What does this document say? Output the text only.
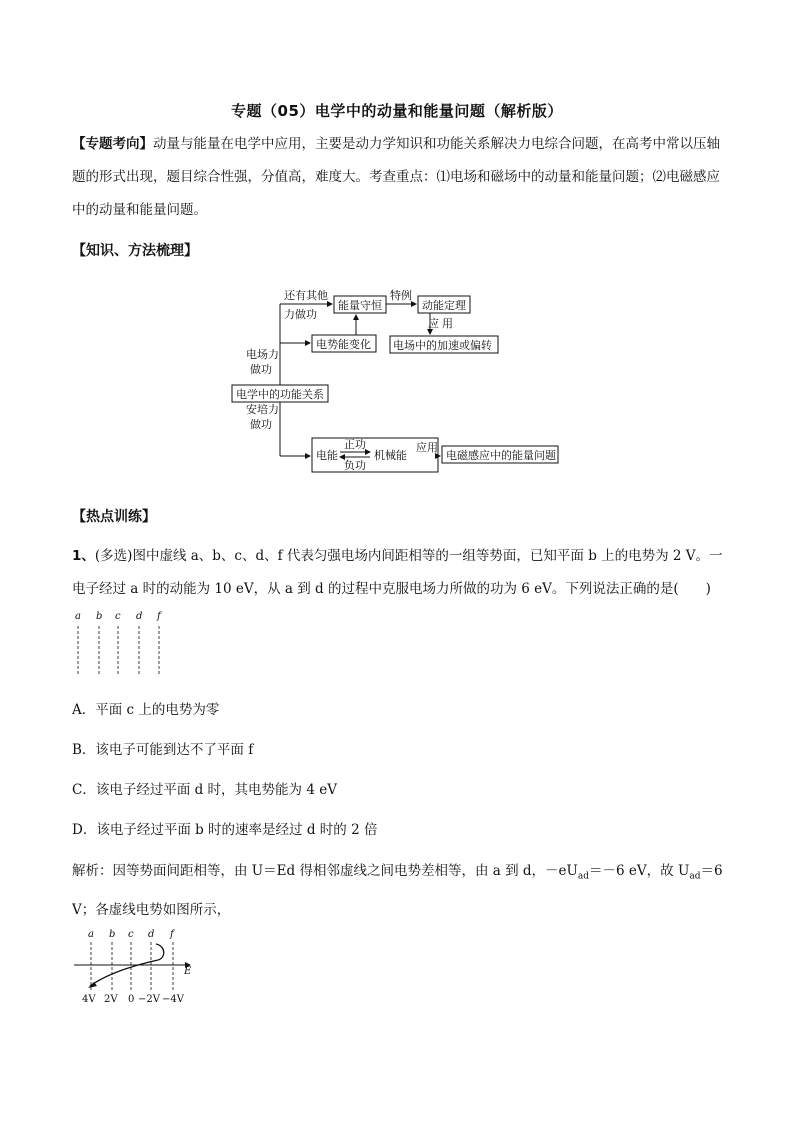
专题（05）电学中的动量和能量问题（解析版）
【专题考向】动量与能量在电学中应用，主要是动力学知识和功能关系解决力电综合问题，在高考中常以压轴题的形式出现，题目综合性强，分值高，难度大。考查重点：⑴电场和磁场中的动量和能量问题；⑵电磁感应中的动量和能量问题。
【知识、方法梳理】
电学中的功能关系
电场力
做功
还有其他
力做功
能量守恒
特例
动能定理
应 用
电势能变化 电场中的加速或偏转
安培力
做功
电能
正功
负功
机械能
应用
电磁感应中的能量问题
【热点训练】
1、(多选)图中虚线 a、b、c、d、f 代表匀强电场内间距相等的一组等势面，已知平面 b 上的电势为 2 V。一电子经过 a 时的动能为 10 eV，从 a 到 d 的过程中克服电场力所做的功为 6 eV。下列说法正确的是(　　)
a b c d f
A．平面 c 上的电势为零
B．该电子可能到达不了平面 f
C．该电子经过平面 d 时，其电势能为 4 eV
D．该电子经过平面 b 时的速率是经过 d 时的 2 倍
解析：因等势面间距相等，由 U＝Ed 得相邻虚线之间电势差相等，由 a 到 d，$-eU_{ad}=-6$ eV，故 $U_{ad}=6$ V；各虚线电势如图所示，
a b c d f
E
4V 2V 0 −2V −4V
